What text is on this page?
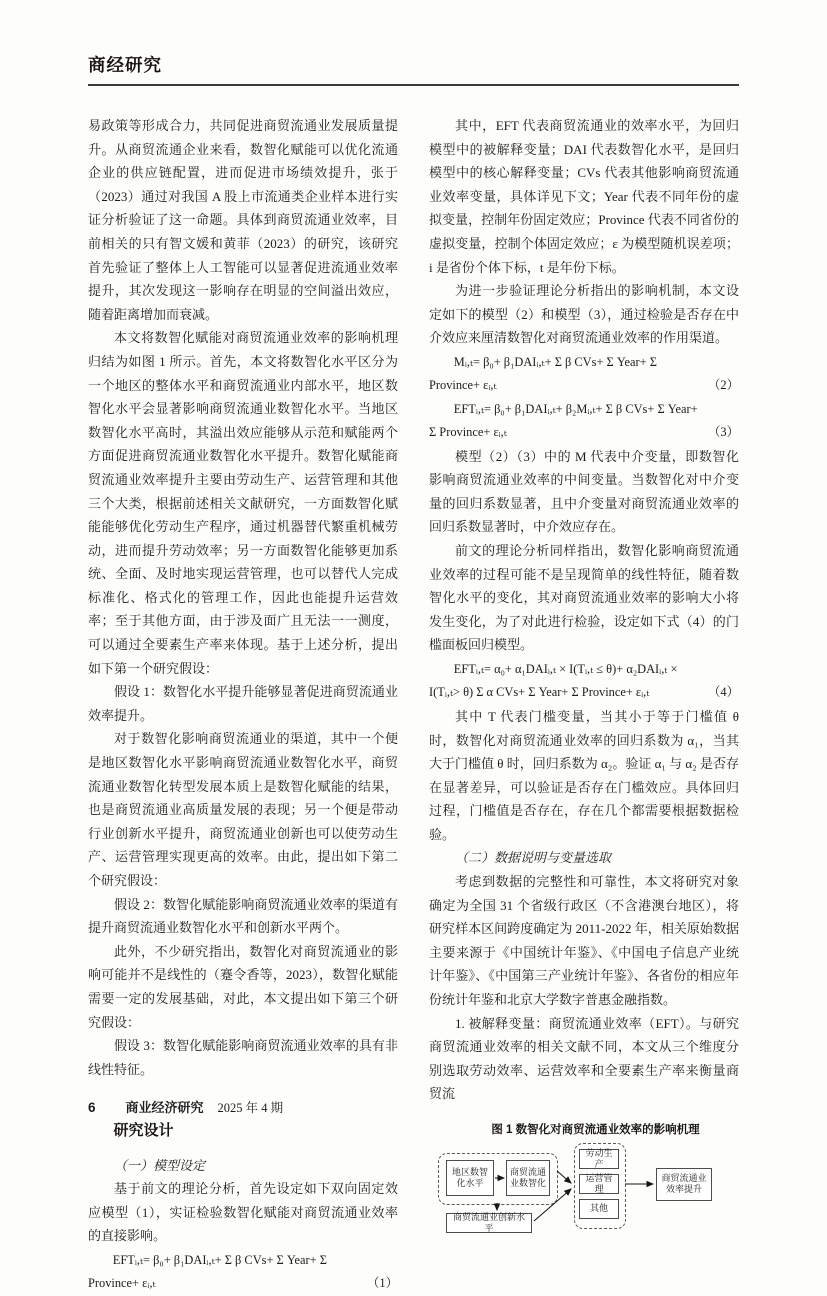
商经研究

易政策等形成合力，共同促进商贸流通业发展质量提升。从商贸流通企业来看，数智化赋能可以优化流通企业的供应链配置，进而促进市场绩效提升，张于（2023）通过对我国 A 股上市流通类企业样本进行实证分析验证了这一命题。具体到商贸流通业效率，目前相关的只有智文媛和黄菲（2023）的研究，该研究首先验证了整体上人工智能可以显著促进流通业效率提升，其次发现这一影响存在明显的空间溢出效应，随着距离增加而衰减。

本文将数智化赋能对商贸流通业效率的影响机理归结为如图 1 所示。首先，本文将数智化水平区分为一个地区的整体水平和商贸流通业内部水平，地区数智化水平会显著影响商贸流通业数智化水平。当地区数智化水平高时，其溢出效应能够从示范和赋能两个方面促进商贸流通业数智化水平提升。数智化赋能商贸流通业效率提升主要由劳动生产、运营管理和其他三个大类，根据前述相关文献研究，一方面数智化赋能能够优化劳动生产程序，通过机器替代繁重机械劳动，进而提升劳动效率；另一方面数智化能够更加系统、全面、及时地实现运营管理，也可以替代人完成标准化、格式化的管理工作，因此也能提升运营效率；至于其他方面，由于涉及面广且无法一一测度，可以通过全要素生产率来体现。基于上述分析，提出如下第一个研究假设：

假设 1：数智化水平提升能够显著促进商贸流通业效率提升。

对于数智化影响商贸流通业的渠道，其中一个便是地区数智化水平影响商贸流通业数智化水平，商贸流通业数智化转型发展本质上是数智化赋能的结果，也是商贸流通业高质量发展的表现；另一个便是带动行业创新水平提升，商贸流通业创新也可以使劳动生产、运营管理实现更高的效率。由此，提出如下第二个研究假设：

假设 2：数智化赋能影响商贸流通业效率的渠道有提升商贸流通业数智化水平和创新水平两个。

此外，不少研究指出，数智化对商贸流通业的影响可能并不是线性的（蹇令香等，2023），数智化赋能需要一定的发展基础，对此，本文提出如下第三个研究假设：

假设 3：数智化赋能影响商贸流通业效率的具有非线性特征。

研究设计

（一）模型设定

基于前文的理论分析，首先设定如下双向固定效应模型（1），实证检验数智化赋能对商贸流通业效率的直接影响。

EFTᵢ,ₜ= β₀+ β₁DAIᵢ,ₜ+ Σ β CVs+ Σ Year+ Σ Province+ εᵢ,ₜ	（1）

其中，EFT 代表商贸流通业的效率水平，为回归模型中的被解释变量；DAI 代表数智化水平，是回归模型中的核心解释变量；CVs 代表其他影响商贸流通业效率变量，具体详见下文；Year 代表不同年份的虚拟变量，控制年份固定效应；Province 代表不同省份的虚拟变量，控制个体固定效应；ε 为模型随机误差项；i 是省份个体下标，t 是年份下标。

为进一步验证理论分析指出的影响机制，本文设定如下的模型（2）和模型（3），通过检验是否存在中介效应来厘清数智化对商贸流通业效率的作用渠道。

Mᵢ,ₜ= β₀+ β₁DAIᵢ,ₜ+ Σ β CVs+ Σ Year+ Σ Province+ εᵢ,ₜ	（2）
EFTᵢ,ₜ= β₀+ β₁DAIᵢ,ₜ+ β₂Mᵢ,ₜ+ Σ β CVs+ Σ Year+ Σ Province+ εᵢ,ₜ	（3）

模型（2）（3）中的 M 代表中介变量，即数智化影响商贸流通业效率的中间变量。当数智化对中介变量的回归系数显著，且中介变量对商贸流通业效率的回归系数显著时，中介效应存在。

前文的理论分析同样指出，数智化影响商贸流通业效率的过程可能不是呈现简单的线性特征，随着数智化水平的变化，其对商贸流通业效率的影响大小将发生变化，为了对此进行检验，设定如下式（4）的门槛面板回归模型。

EFTᵢ,ₜ= α₀+ α₁DAIᵢ,ₜ × I(Tᵢ,ₜ ≤ θ)+ α₂DAIᵢ,ₜ × I(Tᵢ,ₜ> θ) Σ α CVs+ Σ Year+ Σ Province+ εᵢ,ₜ	（4）

其中 T 代表门槛变量，当其小于等于门槛值 θ 时，数智化对商贸流通业效率的回归系数为 α₁，当其大于门槛值 θ 时，回归系数为 α₂。验证 α₁ 与 α₂ 是否存在显著差异，可以验证是否存在门槛效应。具体回归过程，门槛值是否存在，存在几个都需要根据数据检验。

（二）数据说明与变量选取

考虑到数据的完整性和可靠性，本文将研究对象确定为全国 31 个省级行政区（不含港澳台地区），将研究样本区间跨度确定为 2011-2022 年，相关原始数据主要来源于《中国统计年鉴》、《中国电子信息产业统计年鉴》、《中国第三产业统计年鉴》、各省份的相应年份统计年鉴和北京大学数字普惠金融指数。

1. 被解释变量：商贸流通业效率（EFT）。与研究商贸流通业效率的相关文献不同，本文从三个维度分别选取劳动效率、运营效率和全要素生产率来衡量商贸流

图 1 数智化对商贸流通业效率的影响机理

地区数智化水平
商贸流通业数智化
商贸流通业创新水平
劳动生产
运营管理
其他
商贸流通业效率提升
6 商业经济研究 2025 年 4 期
